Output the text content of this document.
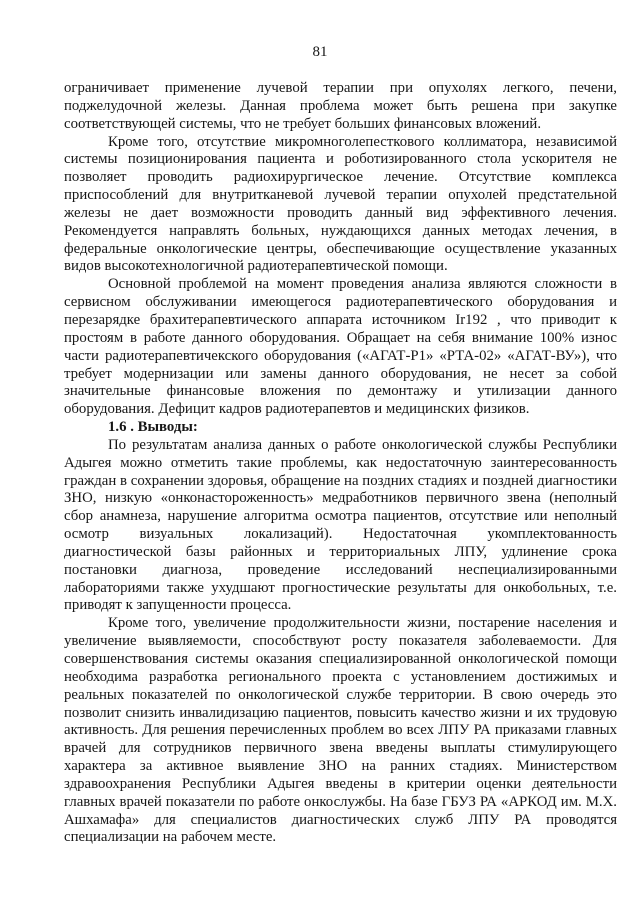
81

ограничивает применение лучевой терапии при опухолях легкого, печени, поджелудочной железы. Данная проблема может быть решена при закупке соответствующей системы, что не требует больших финансовых вложений.

Кроме того, отсутствие микромноголепесткового коллиматора, независимой системы позиционирования пациента и роботизированного стола ускорителя не позволяет проводить радиохирургическое лечение. Отсутствие комплекса приспособлений для внутритканевой лучевой терапии опухолей предстательной железы не дает возможности проводить данный вид эффективного лечения. Рекомендуется направлять больных, нуждающихся данных методах лечения, в федеральные онкологические центры, обеспечивающие осуществление указанных видов высокотехнологичной радиотерапевтической помощи.

Основной проблемой на момент проведения анализа являются сложности в сервисном обслуживании имеющегося радиотерапевтического оборудования и перезарядке брахитерапевтического аппарата источником Ir192 , что приводит к простоям в работе данного оборудования. Обращает на себя внимание 100% износ части радиотерапевтичекского оборудования («АГАТ-Р1» «РТА-02» «АГАТ-ВУ»), что требует модернизации или замены данного оборудования, не несет за собой значительные финансовые вложения по демонтажу и утилизации данного оборудования. Дефицит кадров радиотерапевтов и медицинских физиков.

1.6 . Выводы:

По результатам анализа данных о работе онкологической службы Республики Адыгея можно отметить такие проблемы, как недостаточную заинтересованность граждан в сохранении здоровья, обращение на поздних стадиях и поздней диагностики ЗНО, низкую «онконастороженность» медработников первичного звена (неполный сбор анамнеза, нарушение алгоритма осмотра пациентов, отсутствие или неполный осмотр визуальных локализаций). Недостаточная укомплектованность диагностической базы районных и территориальных ЛПУ, удлинение срока постановки диагноза, проведение исследований неспециализированными лабораториями также ухудшают прогностические результаты для онкобольных, т.е. приводят к запущенности процесса.

Кроме того, увеличение продолжительности жизни, постарение населения и увеличение выявляемости, способствуют росту показателя заболеваемости. Для совершенствования системы оказания специализированной онкологической помощи необходима разработка регионального проекта с установлением достижимых и реальных показателей по онкологической службе территории. В свою очередь это позволит снизить инвалидизацию пациентов, повысить качество жизни и их трудовую активность. Для решения перечисленных проблем во всех ЛПУ РА приказами главных врачей для сотрудников первичного звена введены выплаты стимулирующего характера за активное выявление ЗНО на ранних стадиях. Министерством здравоохранения Республики Адыгея введены в критерии оценки деятельности главных врачей показатели по работе онкослужбы. На базе ГБУЗ РА «АРКОД им. М.Х. Ашхамафа» для специалистов диагностических служб ЛПУ РА проводятся специализации на рабочем месте.
